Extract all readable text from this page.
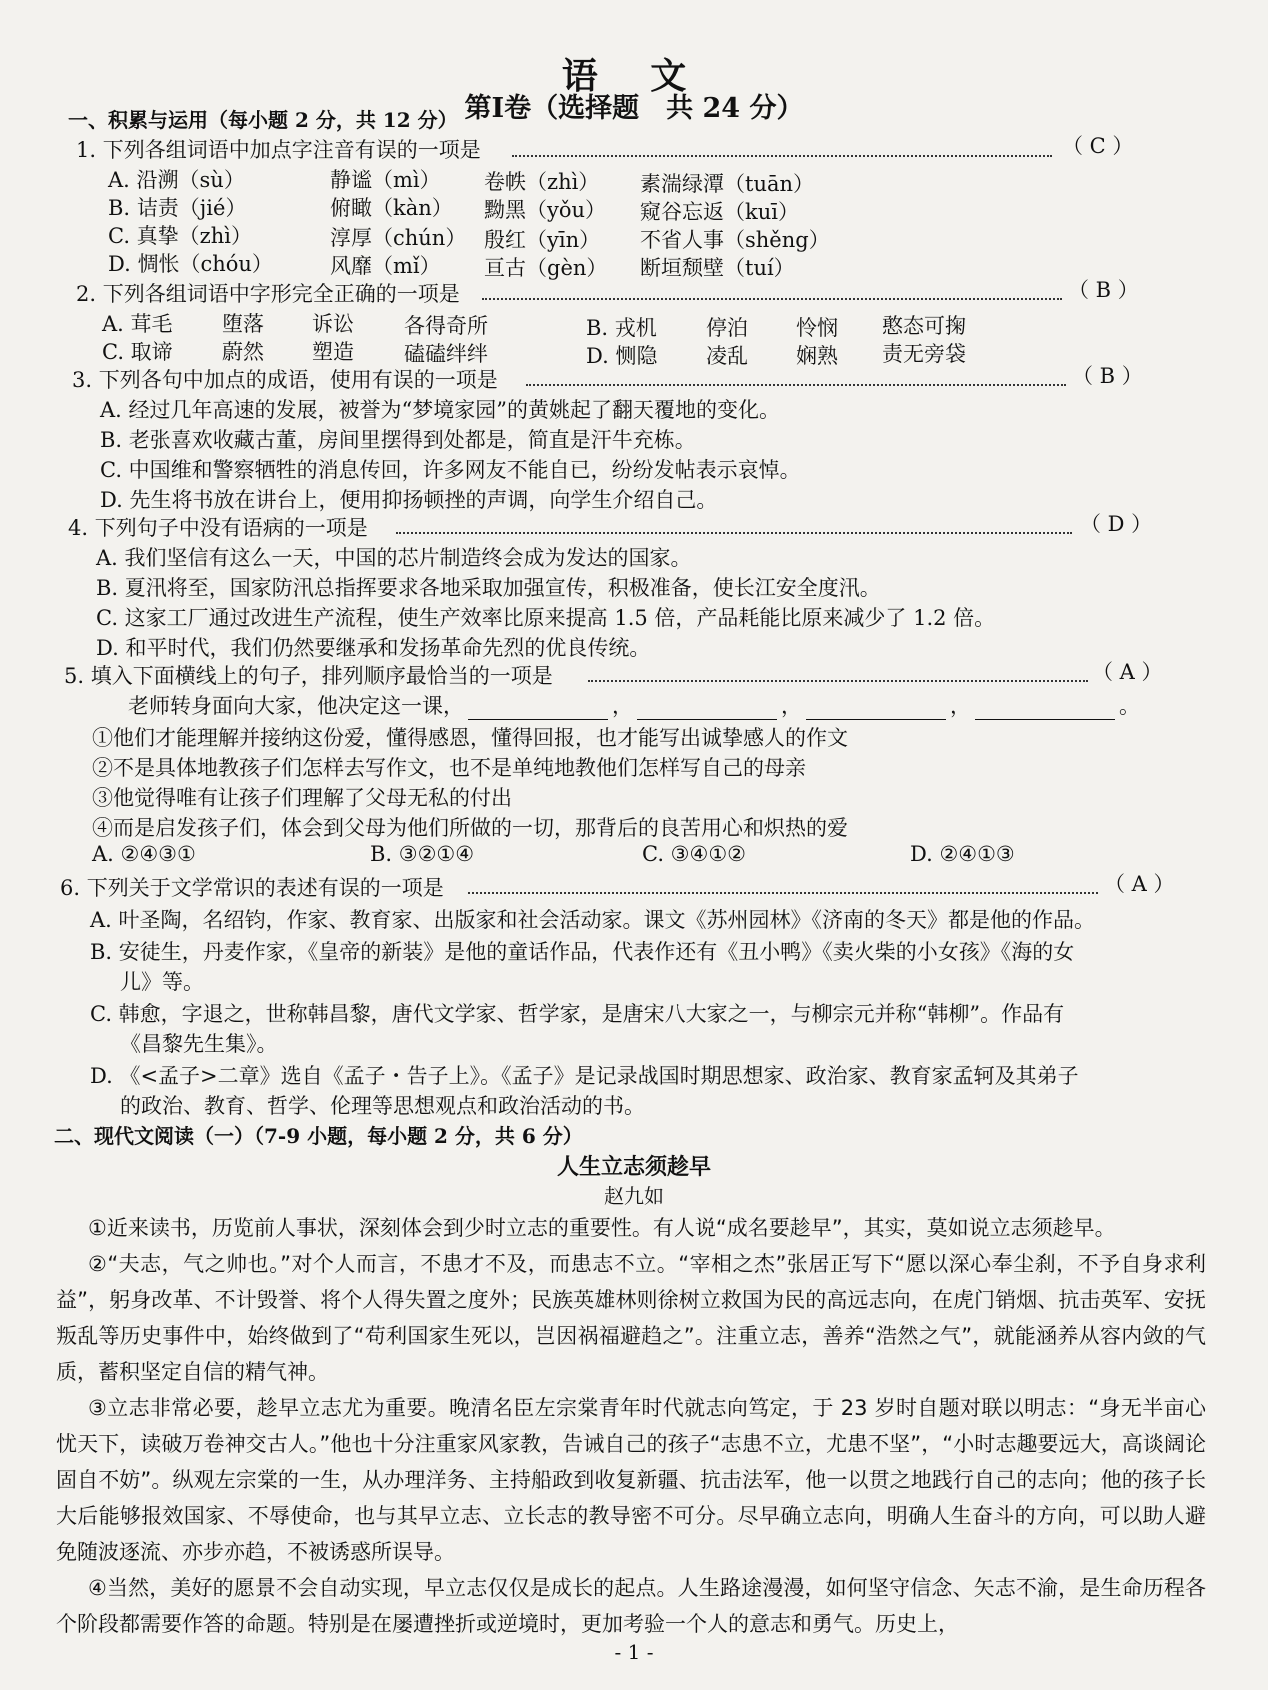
语 文
第Ⅰ卷（选择题　共 24 分）
一、积累与运用（每小题 2 分，共 12 分）
1. 下列各组词语中加点字注音有误的一项是	（ C ）
A. 沿溯（sù）	静谧（mì） 卷帙（zhì） 素湍绿潭（tuān）
B. 诘责（jié）	俯瞰（kàn） 黝黑（yǒu） 窥谷忘返（kuī）
C. 真挚（zhì）	淳厚（chún） 殷红（yīn） 不省人事（shěng）
D. 惆怅（chóu）	风靡（mǐ） 亘古（gèn） 断垣颓壁（tuí）
2. 下列各组词语中字形完全正确的一项是	（ B ）
A. 茸毛 堕落 诉讼 各得奇所	B. 戎机 停泊 怜悯 憨态可掬
C. 取谛 蔚然 塑造 磕磕绊绊	D. 恻隐 凌乱 娴熟 责无旁袋
3. 下列各句中加点的成语，使用有误的一项是	（ B ）
A. 经过几年高速的发展，被誉为“梦境家园”的黄姚起了翻天覆地的变化。
B. 老张喜欢收藏古董，房间里摆得到处都是，简直是汗牛充栋。
C. 中国维和警察牺牲的消息传回，许多网友不能自已，纷纷发帖表示哀悼。
D. 先生将书放在讲台上，便用抑扬顿挫的声调，向学生介绍自己。
4. 下列句子中没有语病的一项是	（ D ）
A. 我们坚信有这么一天，中国的芯片制造终会成为发达的国家。
B. 夏汛将至，国家防汛总指挥要求各地采取加强宣传，积极准备，使长江安全度汛。
C. 这家工厂通过改进生产流程，使生产效率比原来提高 1.5 倍，产品耗能比原来减少了 1.2 倍。
D. 和平时代，我们仍然要继承和发扬革命先烈的优良传统。
5. 填入下面横线上的句子，排列顺序最恰当的一项是	（ A ）
老师转身面向大家，他决定这一课，	，	，	，	。
①他们才能理解并接纳这份爱，懂得感恩，懂得回报，也才能写出诚挚感人的作文
②不是具体地教孩子们怎样去写作文，也不是单纯地教他们怎样写自己的母亲
③他觉得唯有让孩子们理解了父母无私的付出
④而是启发孩子们，体会到父母为他们所做的一切，那背后的良苦用心和炽热的爱
A. ②④③①	B. ③②①④	C. ③④①②	D. ②④①③
6. 下列关于文学常识的表述有误的一项是	（ A ）
A. 叶圣陶，名绍钧，作家、教育家、出版家和社会活动家。课文《苏州园林》《济南的冬天》都是他的作品。
B. 安徒生，丹麦作家，《皇帝的新装》是他的童话作品，代表作还有《丑小鸭》《卖火柴的小女孩》《海的女
儿》等。
C. 韩愈，字退之，世称韩昌黎，唐代文学家、哲学家，是唐宋八大家之一，与柳宗元并称“韩柳”。作品有
《昌黎先生集》。
D. 《<孟子>二章》选自《孟子・告子上》。《孟子》是记录战国时期思想家、政治家、教育家孟轲及其弟子
的政治、教育、哲学、伦理等思想观点和政治活动的书。
二、现代文阅读（一）（7-9 小题，每小题 2 分，共 6 分）
人生立志须趁早
赵九如

①近来读书，历览前人事状，深刻体会到少时立志的重要性。有人说“成名要趁早”，其实，莫如说立志须趁早。

②“夫志，气之帅也。”对个人而言，不患才不及，而患志不立。“宰相之杰”张居正写下“愿以深心奉尘刹，不予自身求利益”，躬身改革、不计毁誉、将个人得失置之度外；民族英雄林则徐树立救国为民的高远志向，在虎门销烟、抗击英军、安抚叛乱等历史事件中，始终做到了“苟利国家生死以，岂因祸福避趋之”。注重立志，善养“浩然之气”，就能涵养从容内敛的气质，蓄积坚定自信的精气神。

③立志非常必要，趁早立志尤为重要。晚清名臣左宗棠青年时代就志向笃定，于 23 岁时自题对联以明志：“身无半亩心忧天下，读破万卷神交古人。”他也十分注重家风家教，告诫自己的孩子“志患不立，尤患不坚”，“小时志趣要远大，高谈阔论固自不妨”。纵观左宗棠的一生，从办理洋务、主持船政到收复新疆、抗击法军，他一以贯之地践行自己的志向；他的孩子长大后能够报效国家、不辱使命，也与其早立志、立长志的教导密不可分。尽早确立志向，明确人生奋斗的方向，可以助人避免随波逐流、亦步亦趋，不被诱惑所误导。

④当然，美好的愿景不会自动实现，早立志仅仅是成长的起点。人生路途漫漫，如何坚守信念、矢志不渝，是生命历程各个阶段都需要作答的命题。特别是在屡遭挫折或逆境时，更加考验一个人的意志和勇气。历史上，

- 1 -
